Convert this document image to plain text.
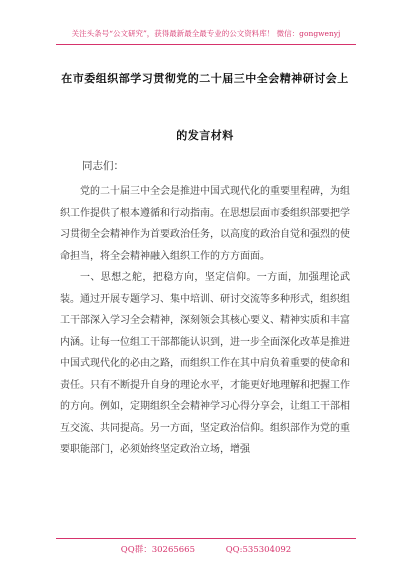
关注头条号“公文研究”，获得最新最全最专业的公文资料库！ 微信：gongwenyj
在市委组织部学习贯彻党的二十届三中全会精神研讨会上
的发言材料
同志们：

党的二十届三中全会是推进中国式现代化的重要里程碑，为组织工作提供了根本遵循和行动指南。在思想层面市委组织部要把学习贯彻全会精神作为首要政治任务，以高度的政治自觉和强烈的使命担当，将全会精神融入组织工作的方方面面。

一、思想之舵，把稳方向，坚定信仰。一方面，加强理论武装。通过开展专题学习、集中培训、研讨交流等多种形式，组织组工干部深入学习全会精神，深刻领会其核心要义、精神实质和丰富内涵。让每一位组工干部都能认识到，进一步全面深化改革是推进中国式现代化的必由之路，而组织工作在其中肩负着重要的使命和责任。只有不断提升自身的理论水平，才能更好地理解和把握工作的方向。例如，定期组织全会精神学习心得分享会，让组工干部相互交流、共同提高。另一方面，坚定政治信仰。组织部作为党的重要职能部门，必须始终坚定政治立场，增强

QQ群：30265665	QQ:535304092
